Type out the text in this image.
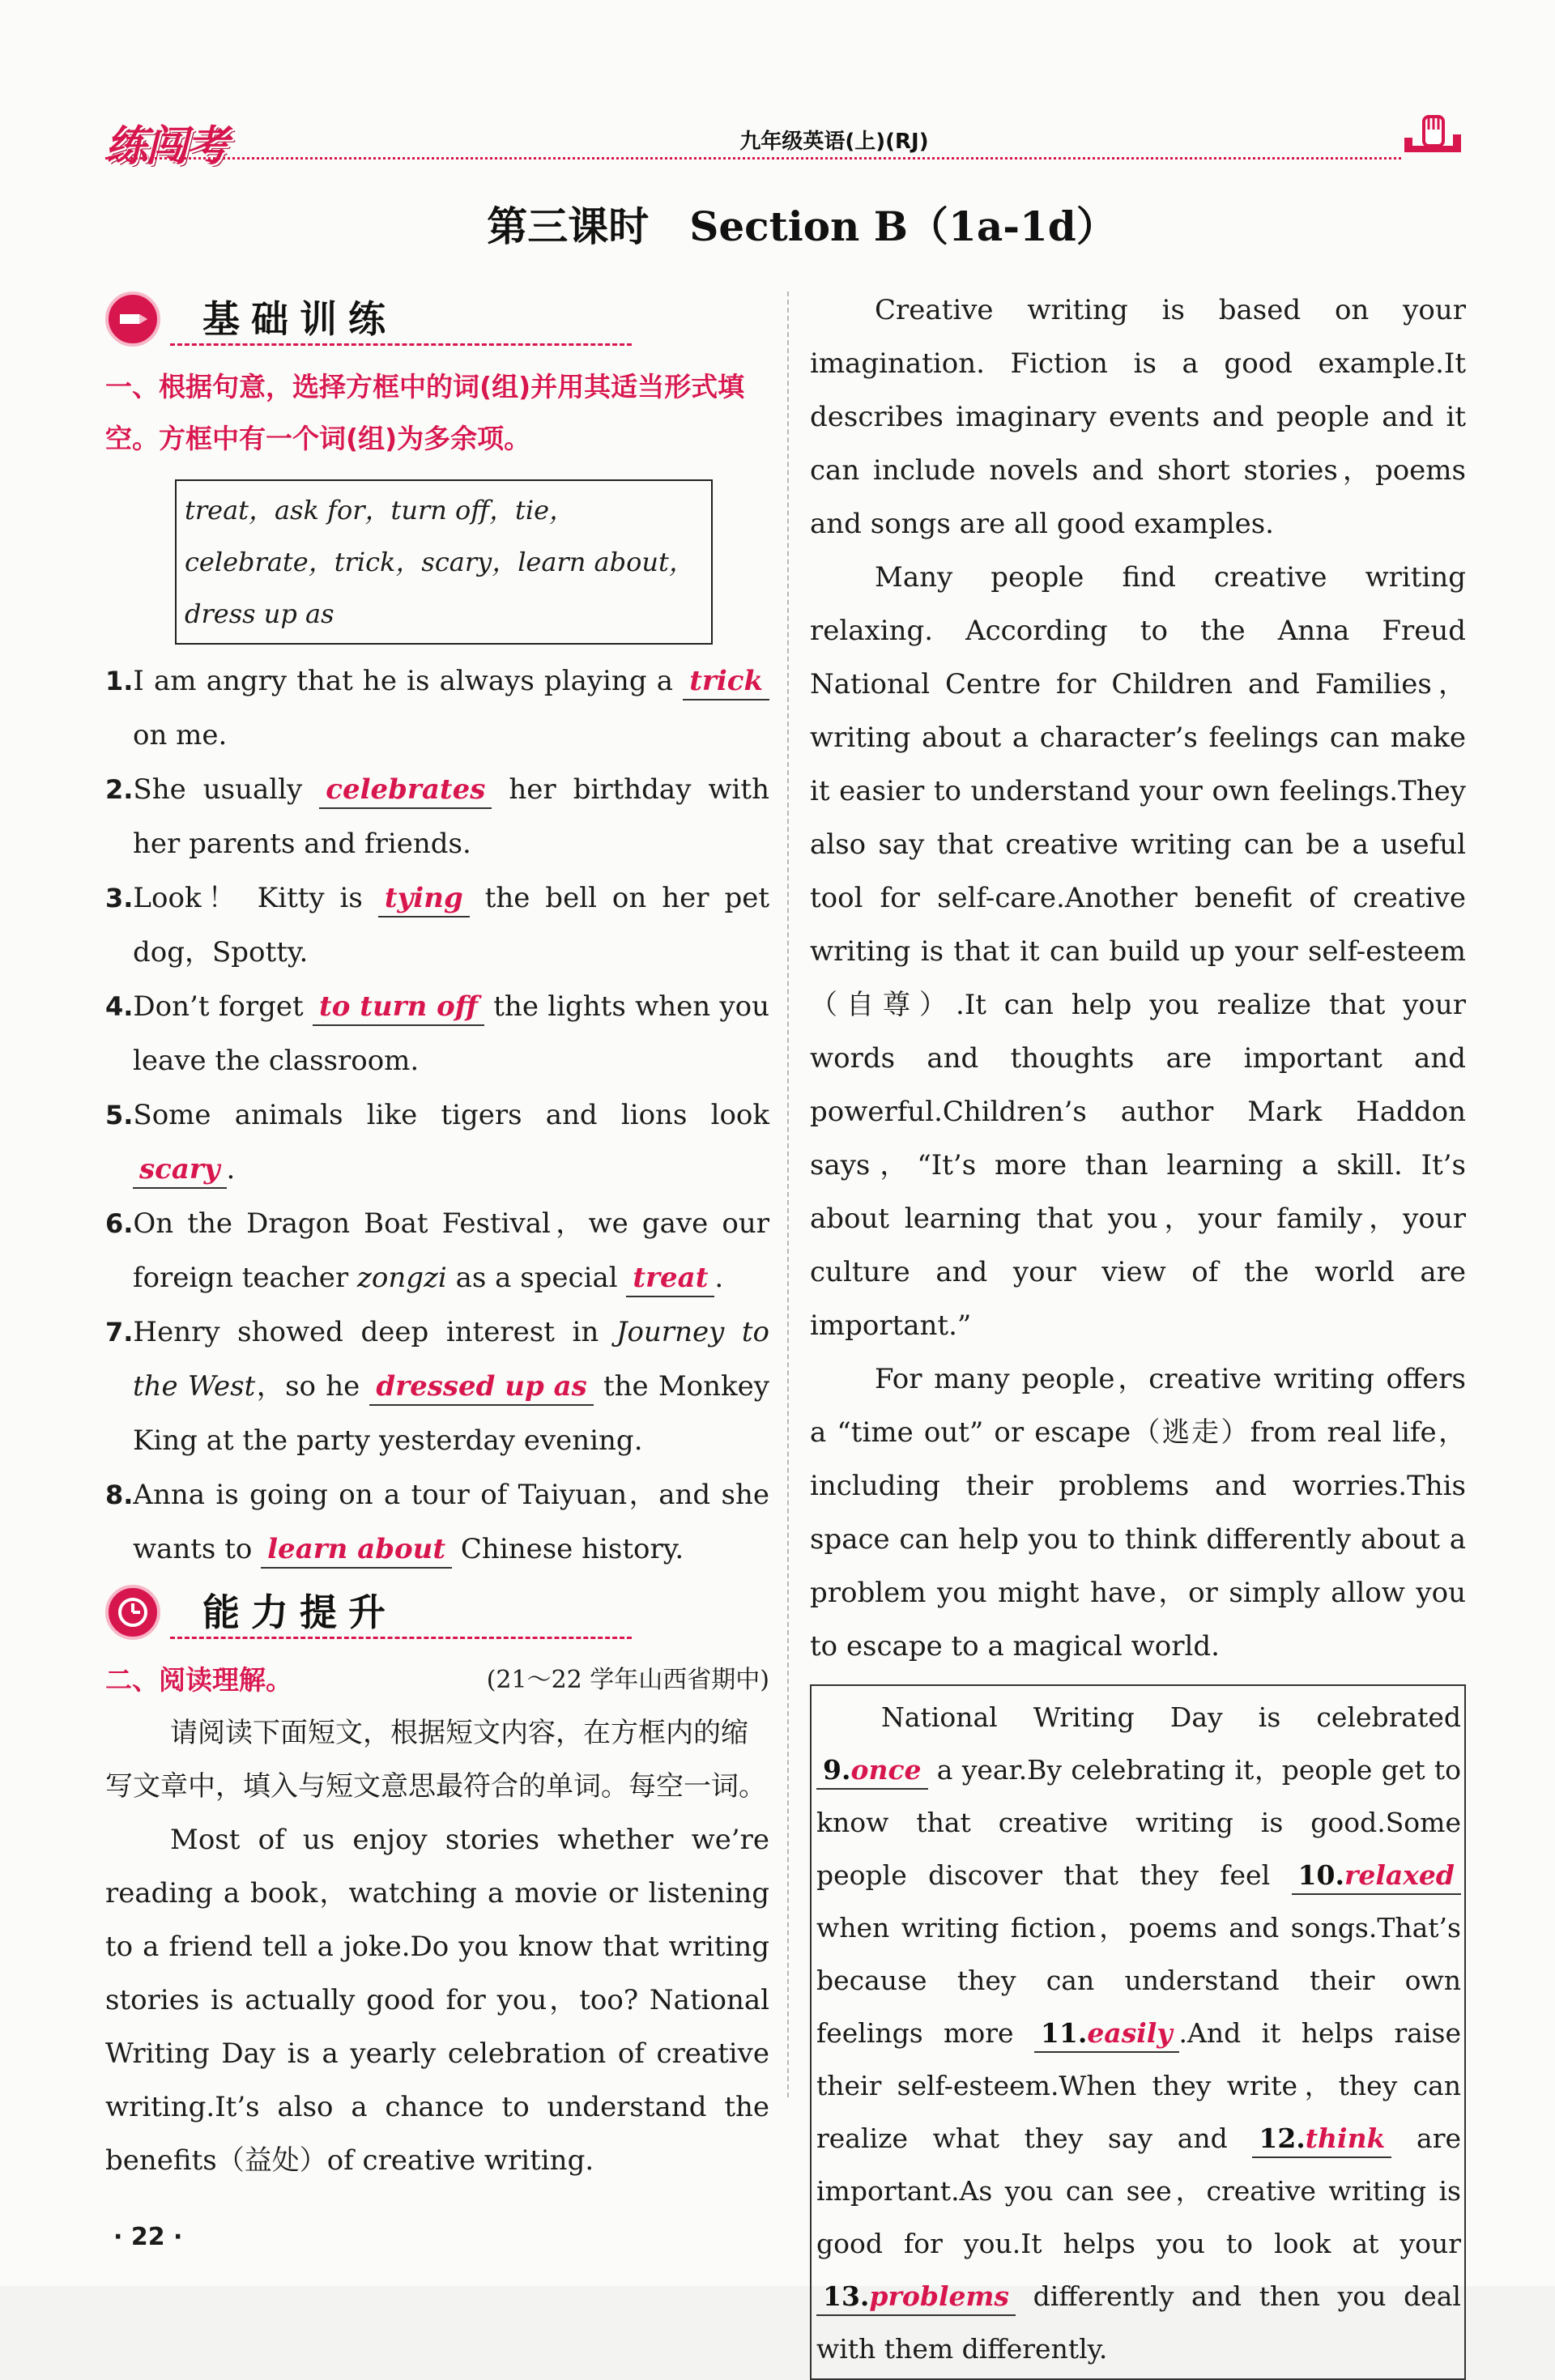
练闯考	九年级英语(上)(RJ)
第三课时　Section B（1a-1d）
基础训练
一、根据句意，选择方框中的词(组)并用其适当形式填空。方框中有一个词(组)为多余项。
treat，ask for，turn off，tie，celebrate，trick，scary，learn about，dress up as
1.I am angry that he is always playing a trick on me.
2.She usually celebrates her birthday with her parents and friends.
3.Look！ Kitty is tying the bell on her pet dog，Spotty.
4.Don’t forget to turn off the lights when you leave the classroom.
5.Some animals like tigers and lions look scary .
6.On the Dragon Boat Festival，we gave our foreign teacher zongzi as a special treat .
7.Henry showed deep interest in Journey to the West，so he dressed up as the Monkey King at the party yesterday evening.
8.Anna is going on a tour of Taiyuan，and she wants to learn about Chinese history.
能力提升
二、阅读理解。	(21～22 学年山西省期中)

请阅读下面短文，根据短文内容，在方框内的缩写文章中，填入与短文意思最符合的单词。每空一词。

Most of us enjoy stories whether we’re reading a book，watching a movie or listening to a friend tell a joke.Do you know that writing stories is actually good for you，too? National Writing Day is a yearly celebration of creative writing.It’s also a chance to understand the benefits（益处）of creative writing.

Creative writing is based on your imagination. Fiction is a good example.It describes imaginary events and people and it can include novels and short stories，poems and songs are all good examples.

Many people find creative writing relaxing. According to the Anna Freud National Centre for Children and Families，writing about a character’s feelings can make it easier to understand your own feelings.They also say that creative writing can be a useful tool for self-care.Another benefit of creative writing is that it can build up your self-esteem（自尊）.It can help you realize that your words and thoughts are important and powerful.Children’s author Mark Haddon says，“It’s more than learning a skill. It’s about learning that you，your family，your culture and your view of the world are important.”

For many people，creative writing offers a “time out” or escape（逃走）from real life，including their problems and worries.This space can help you to think differently about a problem you might have，or simply allow you to escape to a magical world.

National Writing Day is celebrated 9.once a year.By celebrating it，people get to know that creative writing is good.Some people discover that they feel 10.relaxed when writing fiction，poems and songs.That’s because they can understand their own feelings more 11.easily .And it helps raise their self-esteem.When they write，they can realize what they say and 12.think are important.As you can see，creative writing is good for you.It helps you to look at your 13.problems differently and then you deal with them differently.
· 22 ·
